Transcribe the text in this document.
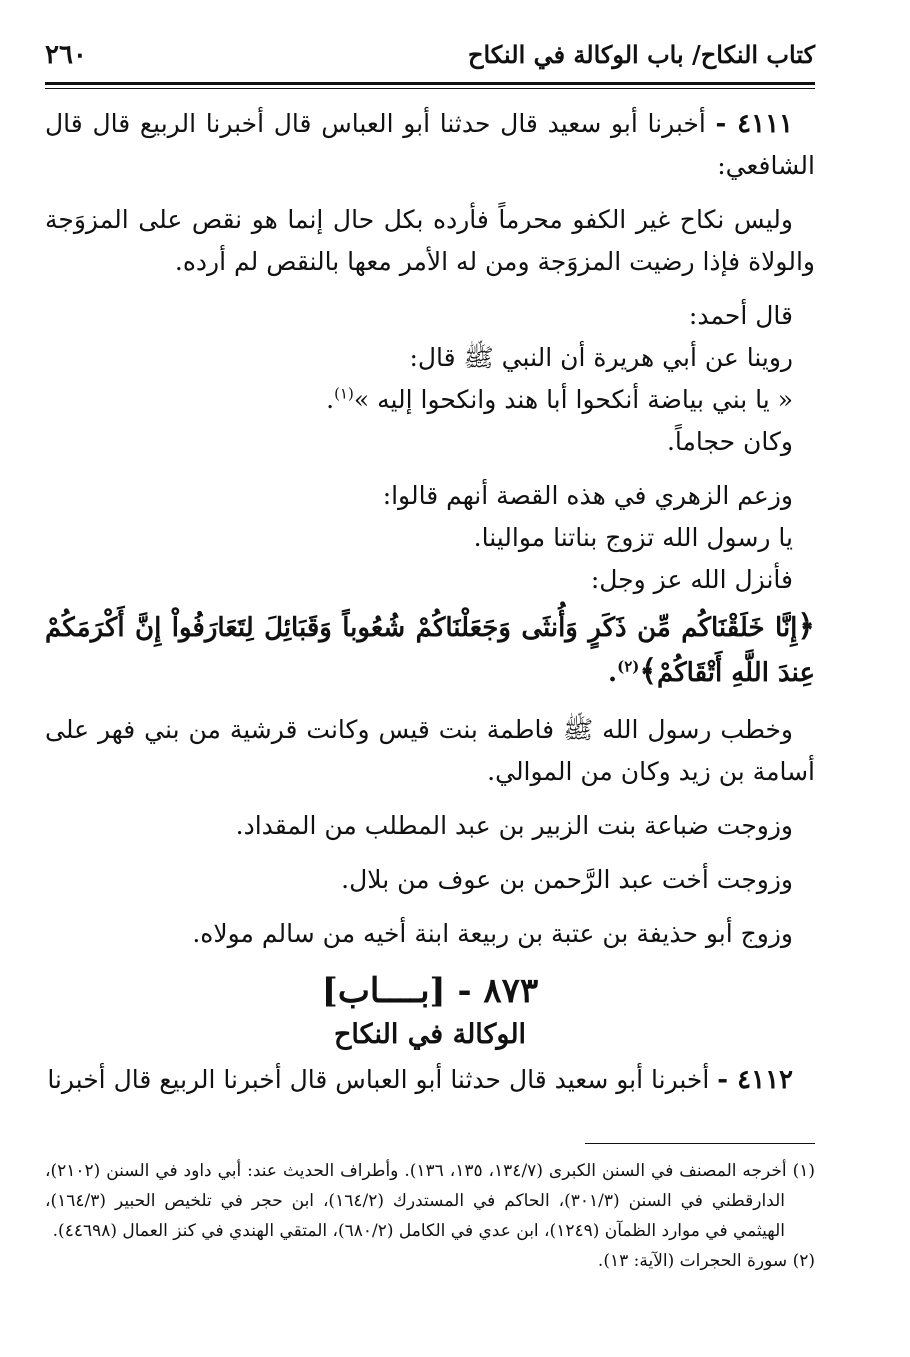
كتاب النكاح/ باب الوكالة في النكاح
٢٦٠

٤١١١ - أخبرنا أبو سعيد قال حدثنا أبو العباس قال أخبرنا الربيع قال قال الشافعي:

وليس نكاح غير الكفو محرماً فأرده بكل حال إنما هو نقص على المزوَجة والولاة فإذا رضيت المزوَجة ومن له الأمر معها بالنقص لم أرده.

قال أحمد:

روينا عن أبي هريرة أن النبي ﷺ قال:

« يا بني بياضة أنكحوا أبا هند وانكحوا إليه »$^{(١)}$.

وكان حجاماً.

وزعم الزهري في هذه القصة أنهم قالوا:

يا رسول الله تزوج بناتنا موالينا.

فأنزل الله عز وجل:

﴿إِنَّا خَلَقْنَاكُم مِّن ذَكَرٍ وَأُنثَى وَجَعَلْنَاكُمْ شُعُوباً وَقَبَائِلَ لِتَعَارَفُواْ إِنَّ أَكْرَمَكُمْ عِندَ اللَّهِ أَتْقَاكُمْ﴾$^{(٢)}$.

وخطب رسول الله ﷺ فاطمة بنت قيس وكانت قرشية من بني فهر على أسامة بن زيد وكان من الموالي.

وزوجت ضباعة بنت الزبير بن عبد المطلب من المقداد.

وزوجت أخت عبد الرَّحمن بن عوف من بلال.

وزوج أبو حذيفة بن عتبة بن ربيعة ابنة أخيه من سالم مولاه.

٨٧٣ - [بــــاب]
الوكالة في النكاح

٤١١٢ - أخبرنا أبو سعيد قال حدثنا أبو العباس قال أخبرنا الربيع قال أخبرنا

(١) أخرجه المصنف في السنن الكبرى (١٣٤/٧، ١٣٥، ١٣٦). وأطراف الحديث عند: أبي داود في السنن (٢١٠٢)، الدارقطني في السنن (٣٠١/٣)، الحاكم في المستدرك (١٦٤/٢)، ابن حجر في تلخيص الحبير (١٦٤/٣)، الهيثمي في موارد الظمآن (١٢٤٩)، ابن عدي في الكامل (٦٨٠/٢)، المتقي الهندي في كنز العمال (٤٤٦٩٨).

(٢) سورة الحجرات (الآية: ١٣).
